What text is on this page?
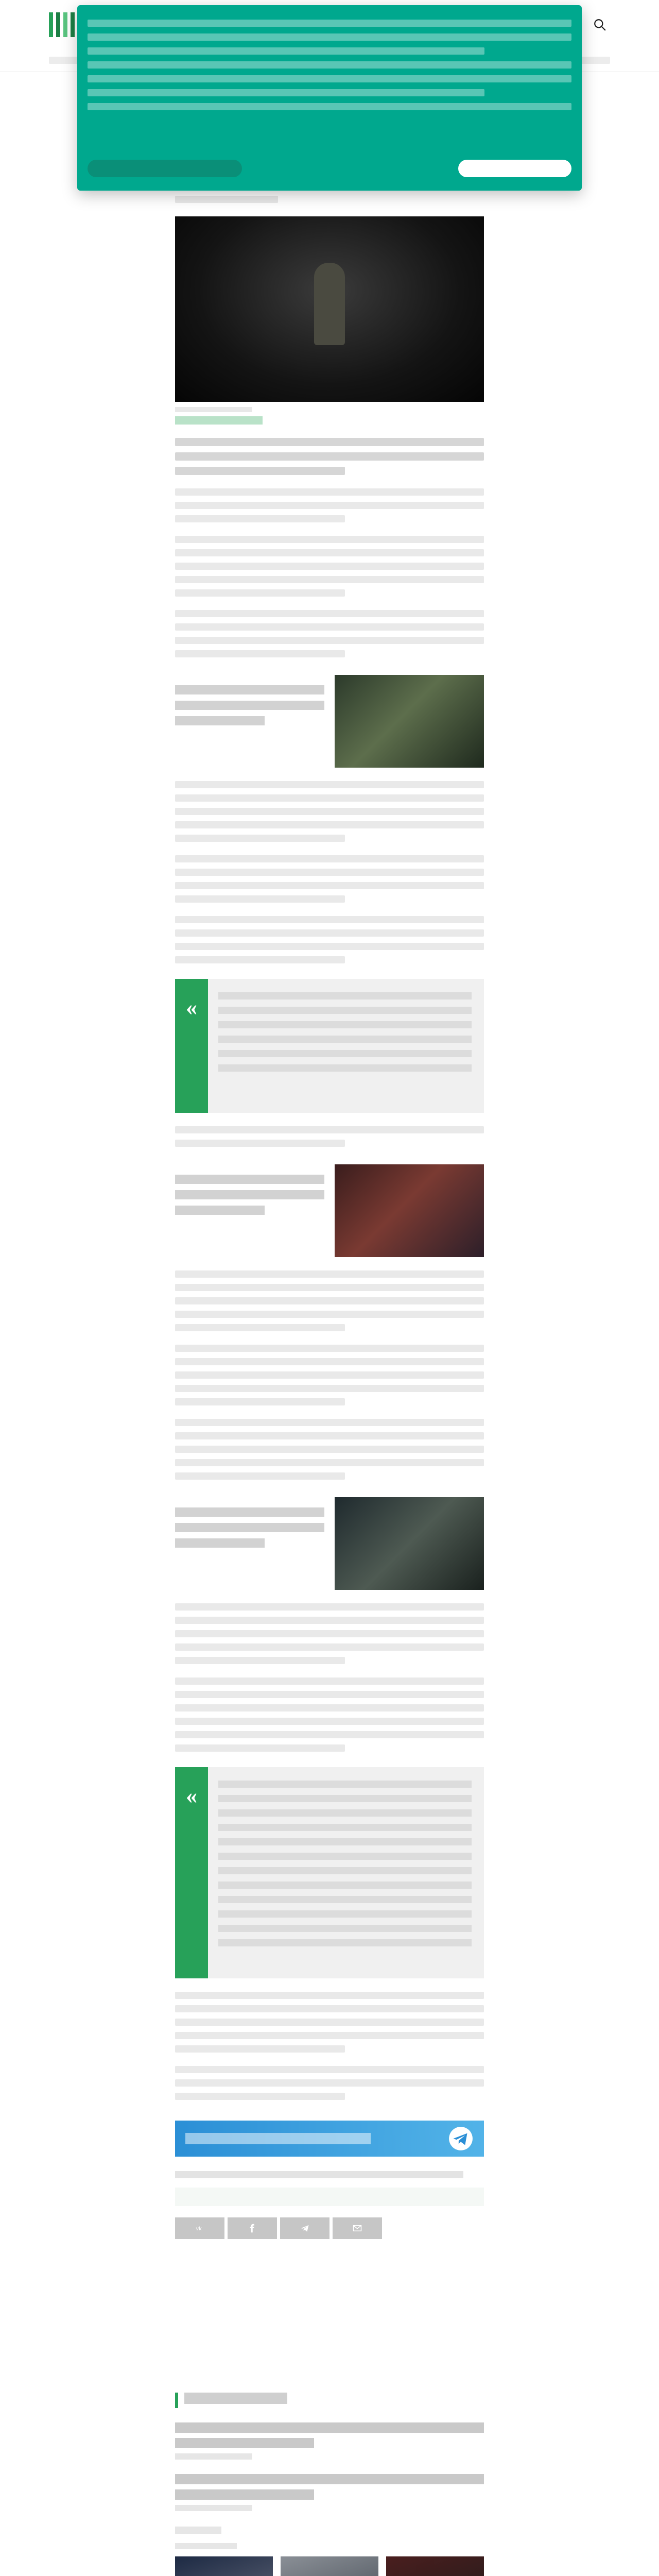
«
«
vk
